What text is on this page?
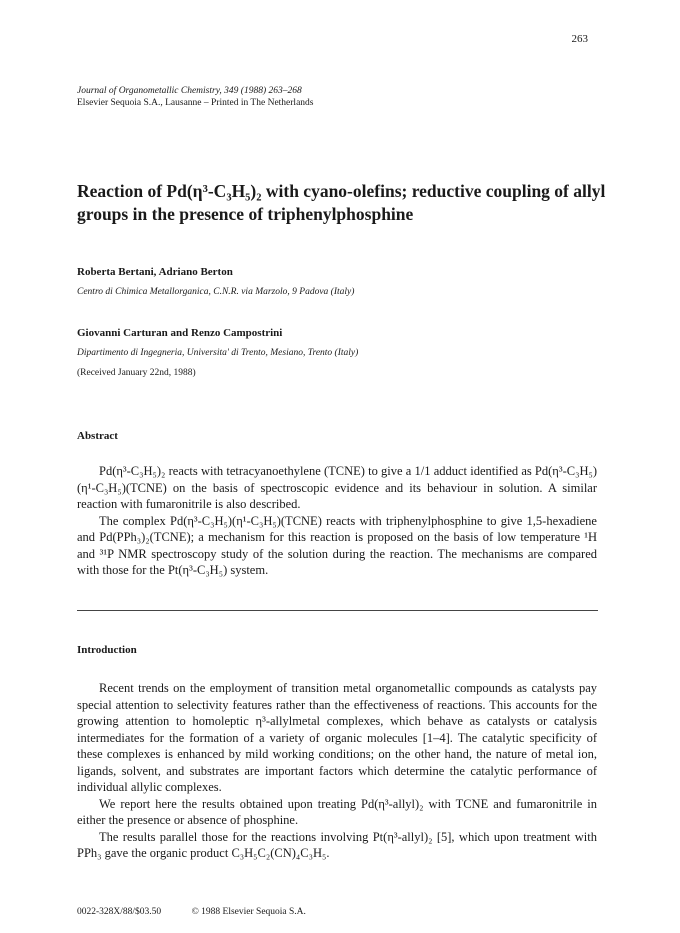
263
Journal of Organometallic Chemistry, 349 (1988) 263–268
Elsevier Sequoia S.A., Lausanne – Printed in The Netherlands
Reaction of Pd(η³-C₃H₅)₂ with cyano-olefins; reductive coupling of allyl groups in the presence of triphenylphosphine
Roberta Bertani, Adriano Berton
Centro di Chimica Metallorganica, C.N.R. via Marzolo, 9 Padova (Italy)
Giovanni Carturan and Renzo Campostrini
Dipartimento di Ingegneria, Universita' di Trento, Mesiano, Trento (Italy)
(Received January 22nd, 1988)
Abstract

Pd(η³-C₃H₅)₂ reacts with tetracyanoethylene (TCNE) to give a 1/1 adduct identified as Pd(η³-C₃H₅)(η¹-C₃H₅)(TCNE) on the basis of spectroscopic evidence and its behaviour in solution. A similar reaction with fumaronitrile is also described.

The complex Pd(η³-C₃H₅)(η¹-C₃H₅)(TCNE) reacts with triphenylphosphine to give 1,5-hexadiene and Pd(PPh₃)₂(TCNE); a mechanism for this reaction is proposed on the basis of low temperature ¹H and ³¹P NMR spectroscopy study of the solution during the reaction. The mechanisms are compared with those for the Pt(η³-C₃H₅) system.

Introduction

Recent trends on the employment of transition metal organometallic compounds as catalysts pay special attention to selectivity features rather than the effectiveness of reactions. This accounts for the growing attention to homoleptic η³-allylmetal complexes, which behave as catalysts or catalysis intermediates for the formation of a variety of organic molecules [1–4]. The catalytic specificity of these complexes is enhanced by mild working conditions; on the other hand, the nature of metal ion, ligands, solvent, and substrates are important factors which determine the catalytic performance of individual allylic complexes.

We report here the results obtained upon treating Pd(η³-allyl)₂ with TCNE and fumaronitrile in either the presence or absence of phosphine.

The results parallel those for the reactions involving Pt(η³-allyl)₂ [5], which upon treatment with PPh₃ gave the organic product C₃H₅C₂(CN)₄C₃H₅.

0022-328X/88/$03.50	© 1988 Elsevier Sequoia S.A.
